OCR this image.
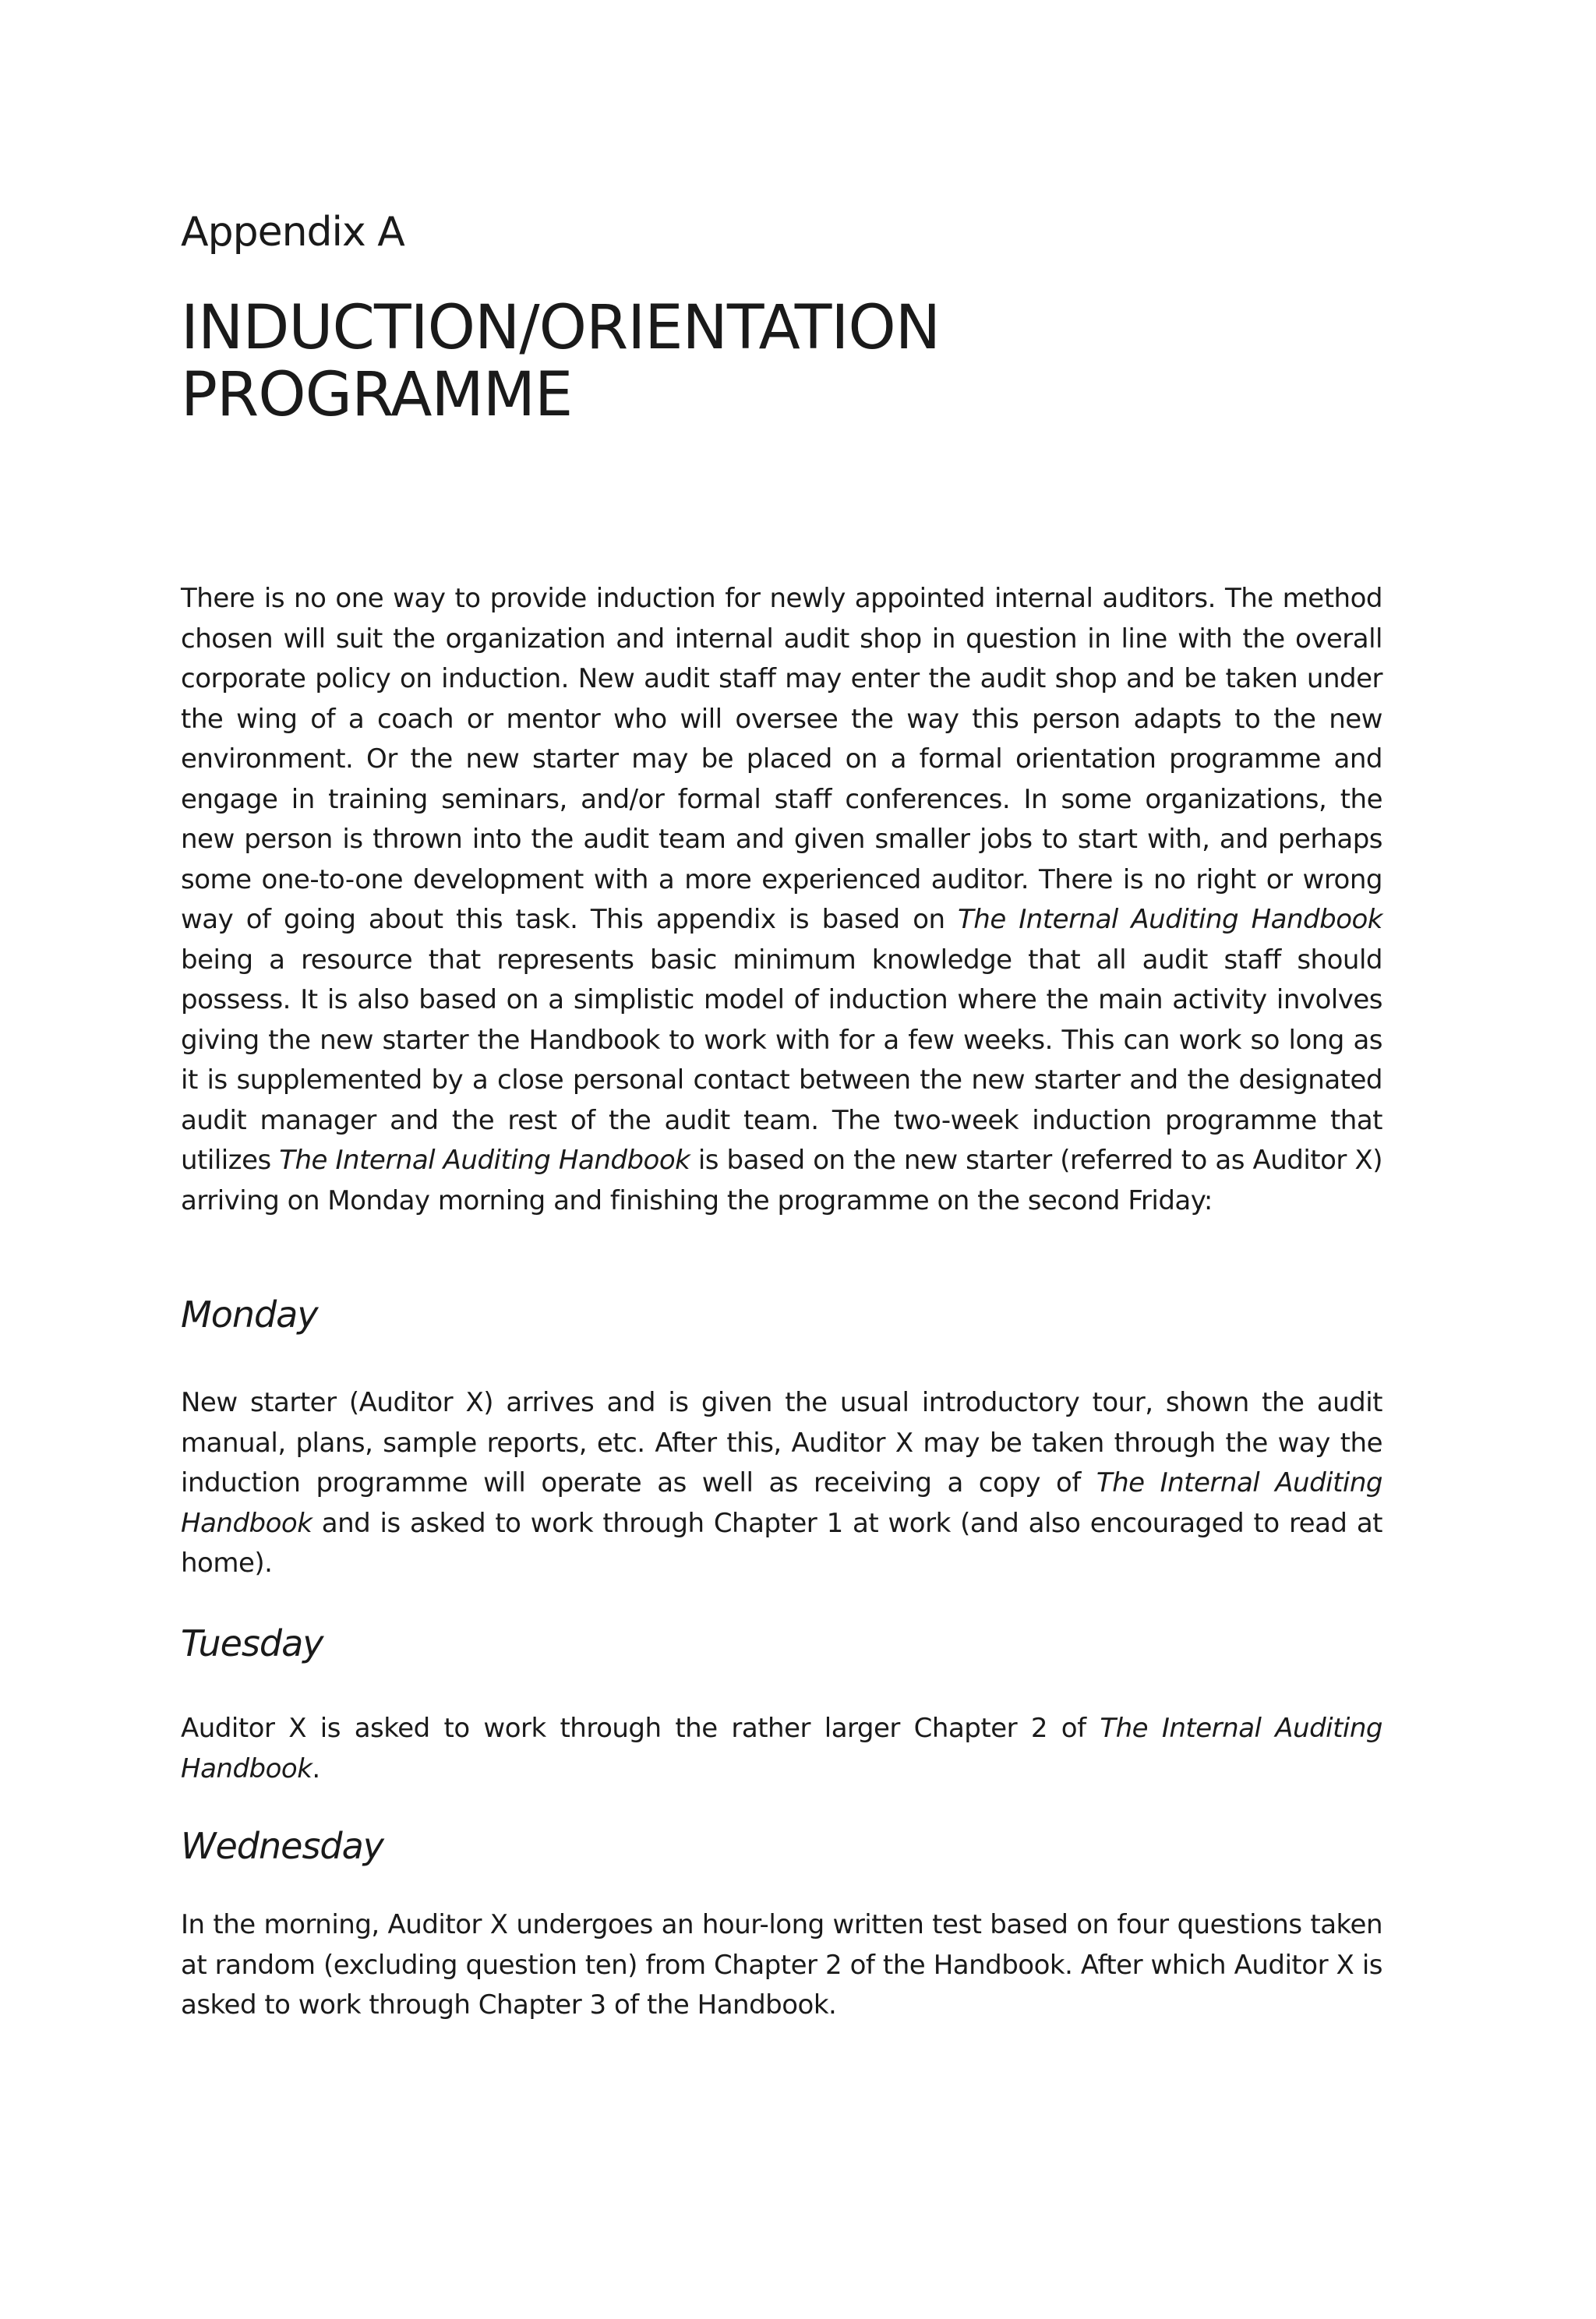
Appendix A
INDUCTION/ORIENTATION
PROGRAMME

There is no one way to provide induction for newly appointed internal auditors. The method chosen will suit the organization and internal audit shop in question in line with the overall corporate policy on induction. New audit staff may enter the audit shop and be taken under the wing of a coach or mentor who will oversee the way this person adapts to the new environment. Or the new starter may be placed on a formal orientation programme and engage in training seminars, and/or formal staff conferences. In some organizations, the new person is thrown into the audit team and given smaller jobs to start with, and perhaps some one-to-one development with a more experienced auditor. There is no right or wrong way of going about this task. This appendix is based on The Internal Auditing Handbook being a resource that represents basic minimum knowledge that all audit staff should possess. It is also based on a simplistic model of induction where the main activity involves giving the new starter the Handbook to work with for a few weeks. This can work so long as it is supplemented by a close personal contact between the new starter and the designated audit manager and the rest of the audit team. The two-week induction programme that utilizes The Internal Auditing Handbook is based on the new starter (referred to as Auditor X) arriving on Monday morning and finishing the programme on the second Friday:

Monday

New starter (Auditor X) arrives and is given the usual introductory tour, shown the audit manual, plans, sample reports, etc. After this, Auditor X may be taken through the way the induction programme will operate as well as receiving a copy of The Internal Auditing Handbook and is asked to work through Chapter 1 at work (and also encouraged to read at home).

Tuesday

Auditor X is asked to work through the rather larger Chapter 2 of The Internal Auditing Handbook.

Wednesday

In the morning, Auditor X undergoes an hour-long written test based on four questions taken at random (excluding question ten) from Chapter 2 of the Handbook. After which Auditor X is asked to work through Chapter 3 of the Handbook.
